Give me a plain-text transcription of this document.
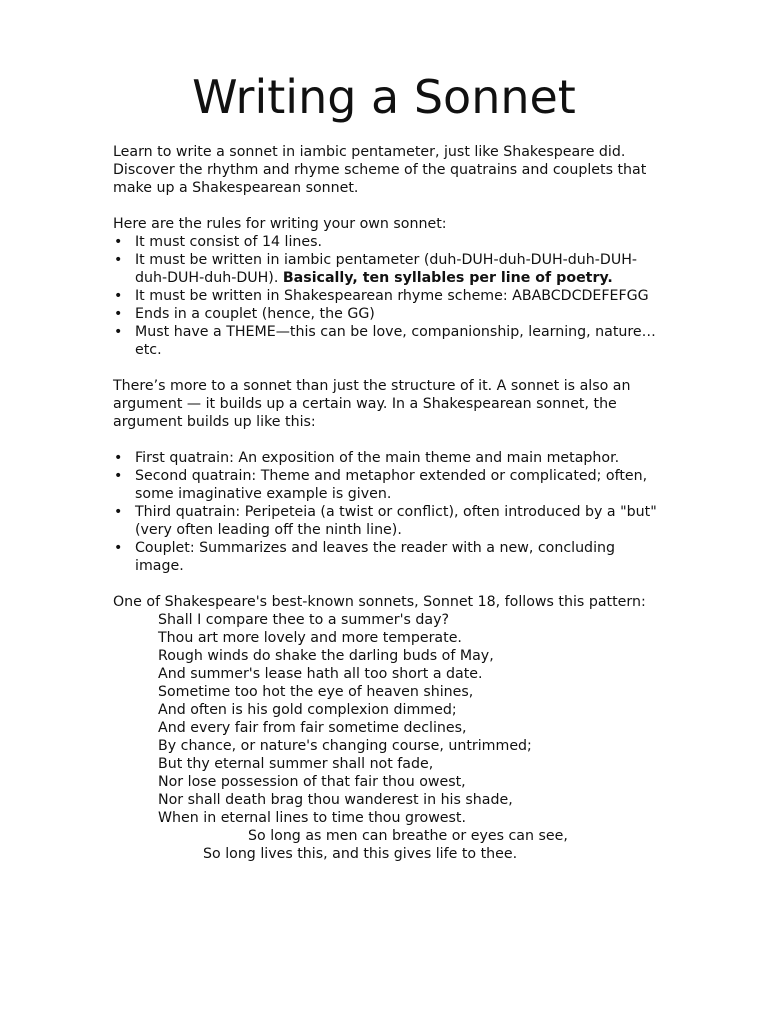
Writing a Sonnet

Learn to write a sonnet in iambic pentameter, just like Shakespeare did. Discover the rhythm and rhyme scheme of the quatrains and couplets that make up a Shakespearean sonnet.

Here are the rules for writing your own sonnet:

• It must consist of 14 lines.
• It must be written in iambic pentameter (duh-DUH-duh-DUH-duh-DUH-duh-DUH-duh-DUH). Basically, ten syllables per line of poetry.
• It must be written in Shakespearean rhyme scheme: ABABCDCDEFEFGG
• Ends in a couplet (hence, the GG)
• Must have a THEME—this can be love, companionship, learning, nature… etc.

There’s more to a sonnet than just the structure of it. A sonnet is also an argument — it builds up a certain way. In a Shakespearean sonnet, the argument builds up like this:

• First quatrain: An exposition of the main theme and main metaphor.
• Second quatrain: Theme and metaphor extended or complicated; often, some imaginative example is given.
• Third quatrain: Peripeteia (a twist or conflict), often introduced by a "but" (very often leading off the ninth line).
• Couplet: Summarizes and leaves the reader with a new, concluding image.

One of Shakespeare's best-known sonnets, Sonnet 18, follows this pattern:

Shall I compare thee to a summer's day?
Thou art more lovely and more temperate.
Rough winds do shake the darling buds of May,
And summer's lease hath all too short a date.
Sometime too hot the eye of heaven shines,
And often is his gold complexion dimmed;
And every fair from fair sometime declines,
By chance, or nature's changing course, untrimmed;
But thy eternal summer shall not fade,
Nor lose possession of that fair thou owest,
Nor shall death brag thou wanderest in his shade,
When in eternal lines to time thou growest.
So long as men can breathe or eyes can see,
So long lives this, and this gives life to thee.
